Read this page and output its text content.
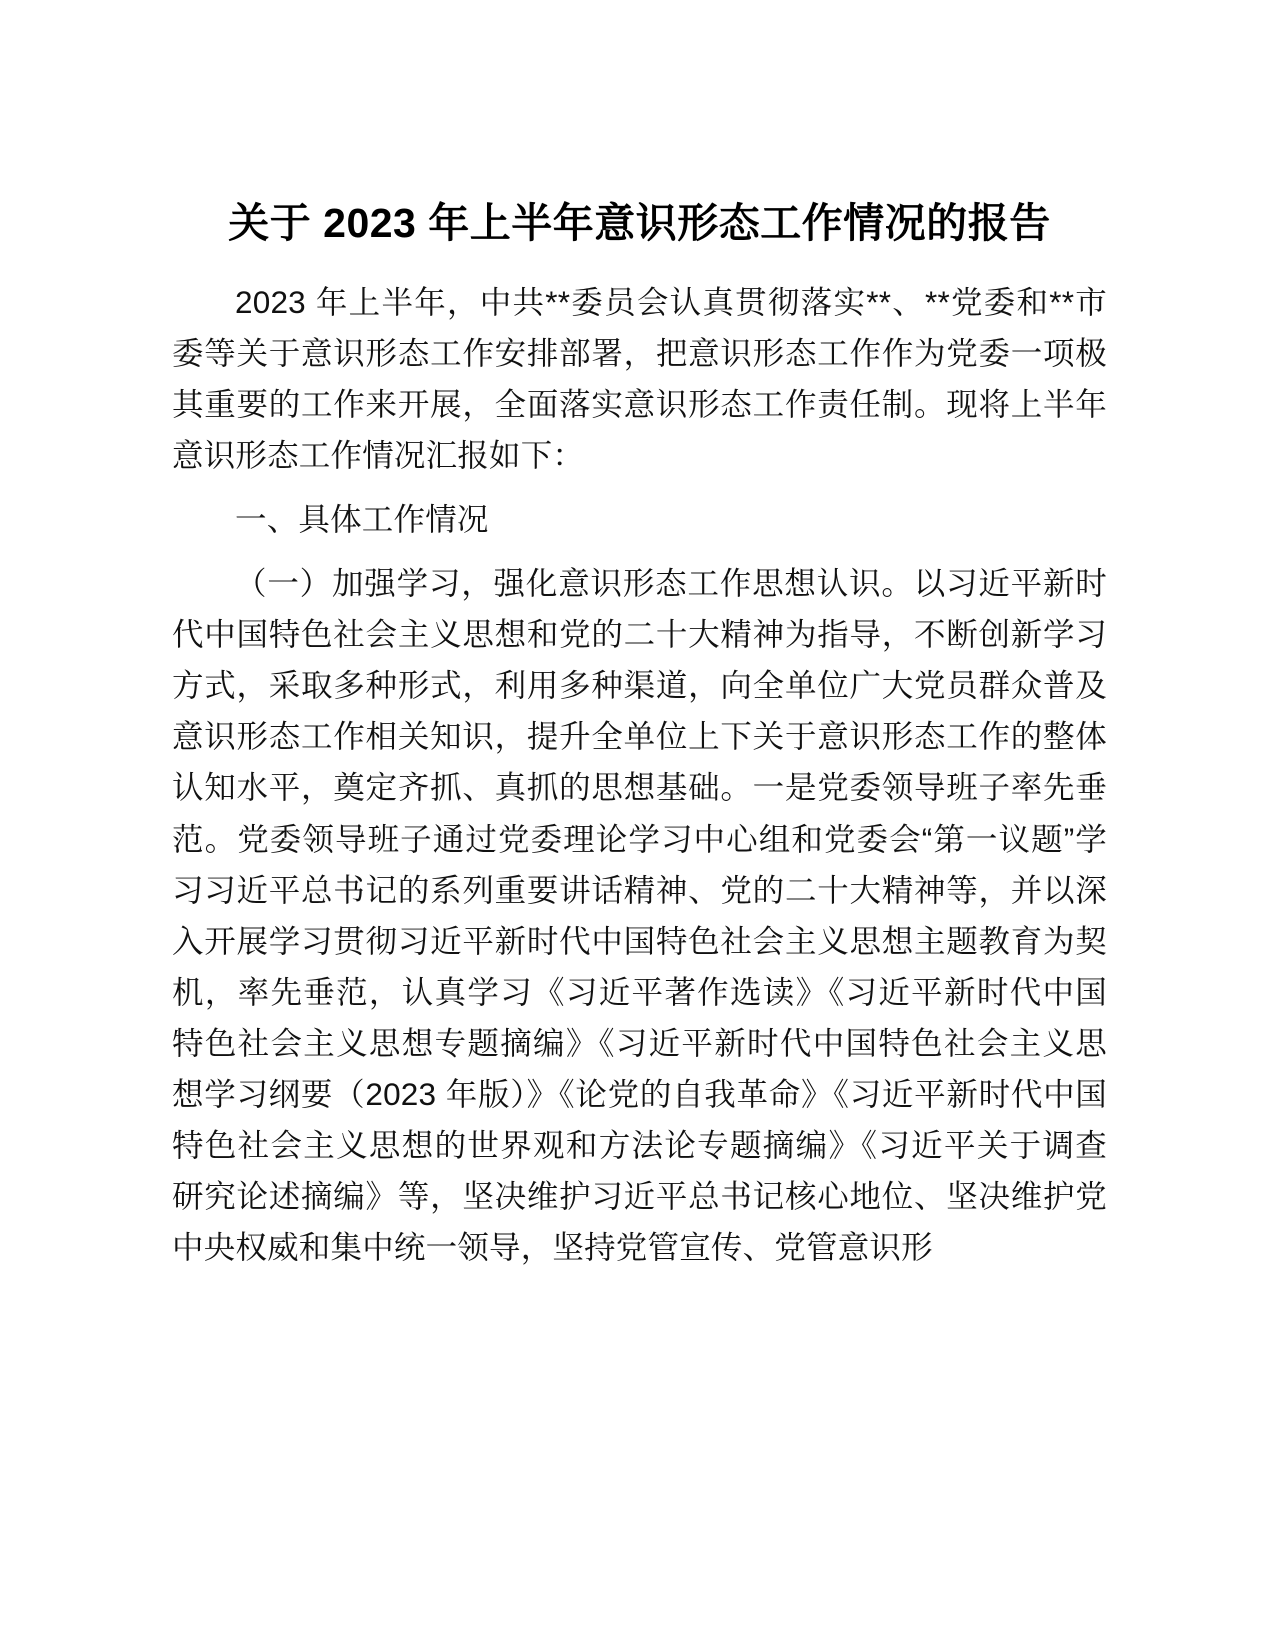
关于 2023 年上半年意识形态工作情况的报告

2023 年上半年，中共**委员会认真贯彻落实**、**党委和**市委等关于意识形态工作安排部署，把意识形态工作作为党委一项极其重要的工作来开展，全面落实意识形态工作责任制。现将上半年意识形态工作情况汇报如下：

一、具体工作情况

（一）加强学习，强化意识形态工作思想认识。以习近平新时代中国特色社会主义思想和党的二十大精神为指导，不断创新学习方式，采取多种形式，利用多种渠道，向全单位广大党员群众普及意识形态工作相关知识，提升全单位上下关于意识形态工作的整体认知水平，奠定齐抓、真抓的思想基础。一是党委领导班子率先垂范。党委领导班子通过党委理论学习中心组和党委会“第一议题”学习习近平总书记的系列重要讲话精神、党的二十大精神等，并以深入开展学习贯彻习近平新时代中国特色社会主义思想主题教育为契机，率先垂范，认真学习《习近平著作选读》《习近平新时代中国特色社会主义思想专题摘编》《习近平新时代中国特色社会主义思想学习纲要（2023 年版）》《论党的自我革命》《习近平新时代中国特色社会主义思想的世界观和方法论专题摘编》《习近平关于调查研究论述摘编》等，坚决维护习近平总书记核心地位、坚决维护党中央权威和集中统一领导，坚持党管宣传、党管意识形
